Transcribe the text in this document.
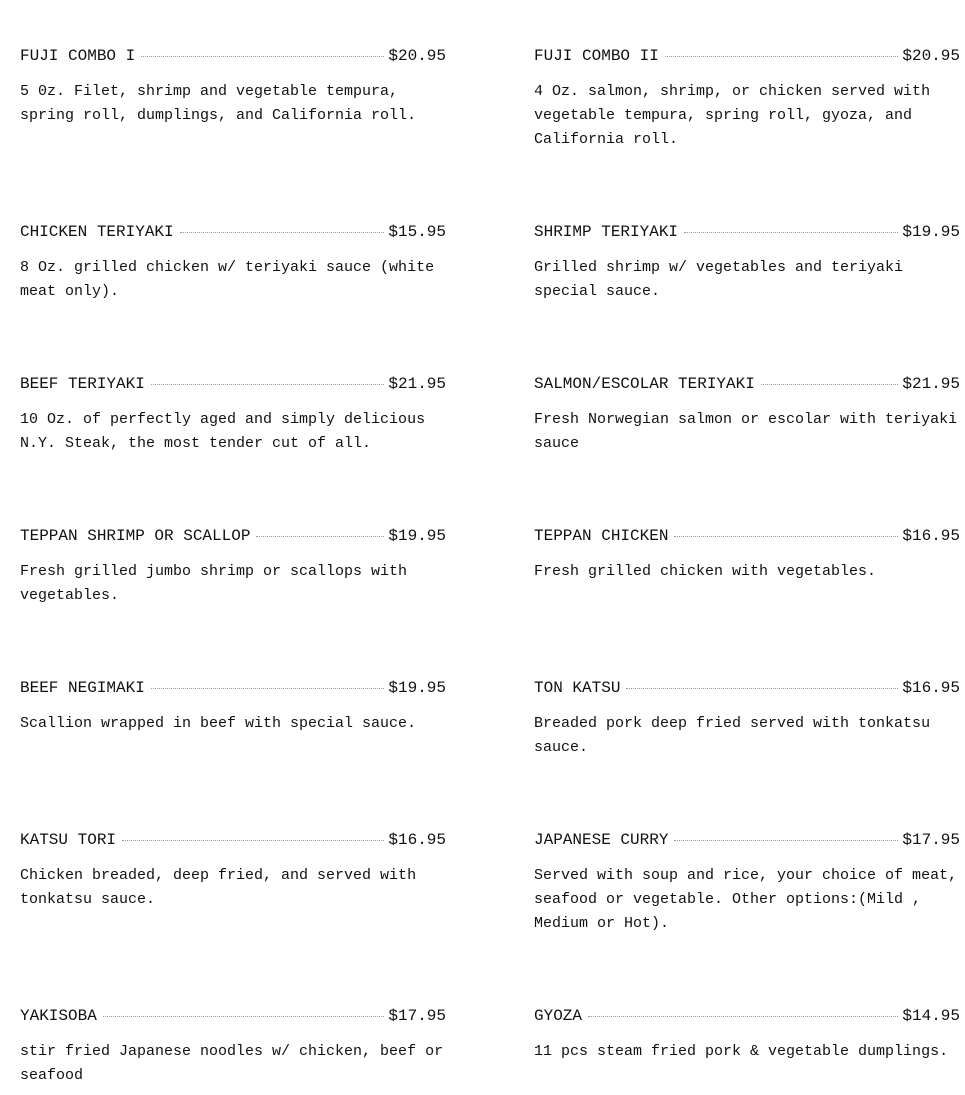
FUJI COMBO I	$20.95

5 0z. Filet, shrimp and vegetable tempura, spring roll, dumplings, and California roll.

FUJI COMBO II	$20.95

4 Oz. salmon, shrimp, or chicken served with vegetable tempura, spring roll, gyoza, and California roll.

CHICKEN TERIYAKI	$15.95

8 Oz. grilled chicken w/ teriyaki sauce (white meat only).

SHRIMP TERIYAKI	$19.95

Grilled shrimp w/ vegetables and teriyaki special sauce.

BEEF TERIYAKI	$21.95

10 Oz. of perfectly aged and simply delicious N.Y. Steak, the most tender cut of all.

SALMON/ESCOLAR TERIYAKI	$21.95

Fresh Norwegian salmon or escolar with teriyaki sauce

TEPPAN SHRIMP OR SCALLOP	$19.95

Fresh grilled jumbo shrimp or scallops with vegetables.

TEPPAN CHICKEN	$16.95

Fresh grilled chicken with vegetables.

BEEF NEGIMAKI	$19.95

Scallion wrapped in beef with special sauce.

TON KATSU	$16.95

Breaded pork deep fried served with tonkatsu sauce.

KATSU TORI	$16.95

Chicken breaded, deep fried, and served with tonkatsu sauce.

JAPANESE CURRY	$17.95

Served with soup and rice, your choice of meat, seafood or vegetable. Other options:(Mild , Medium or Hot).

YAKISOBA	$17.95

stir fried Japanese noodles w/ chicken, beef or seafood

GYOZA	$14.95

11 pcs steam fried pork & vegetable dumplings.
